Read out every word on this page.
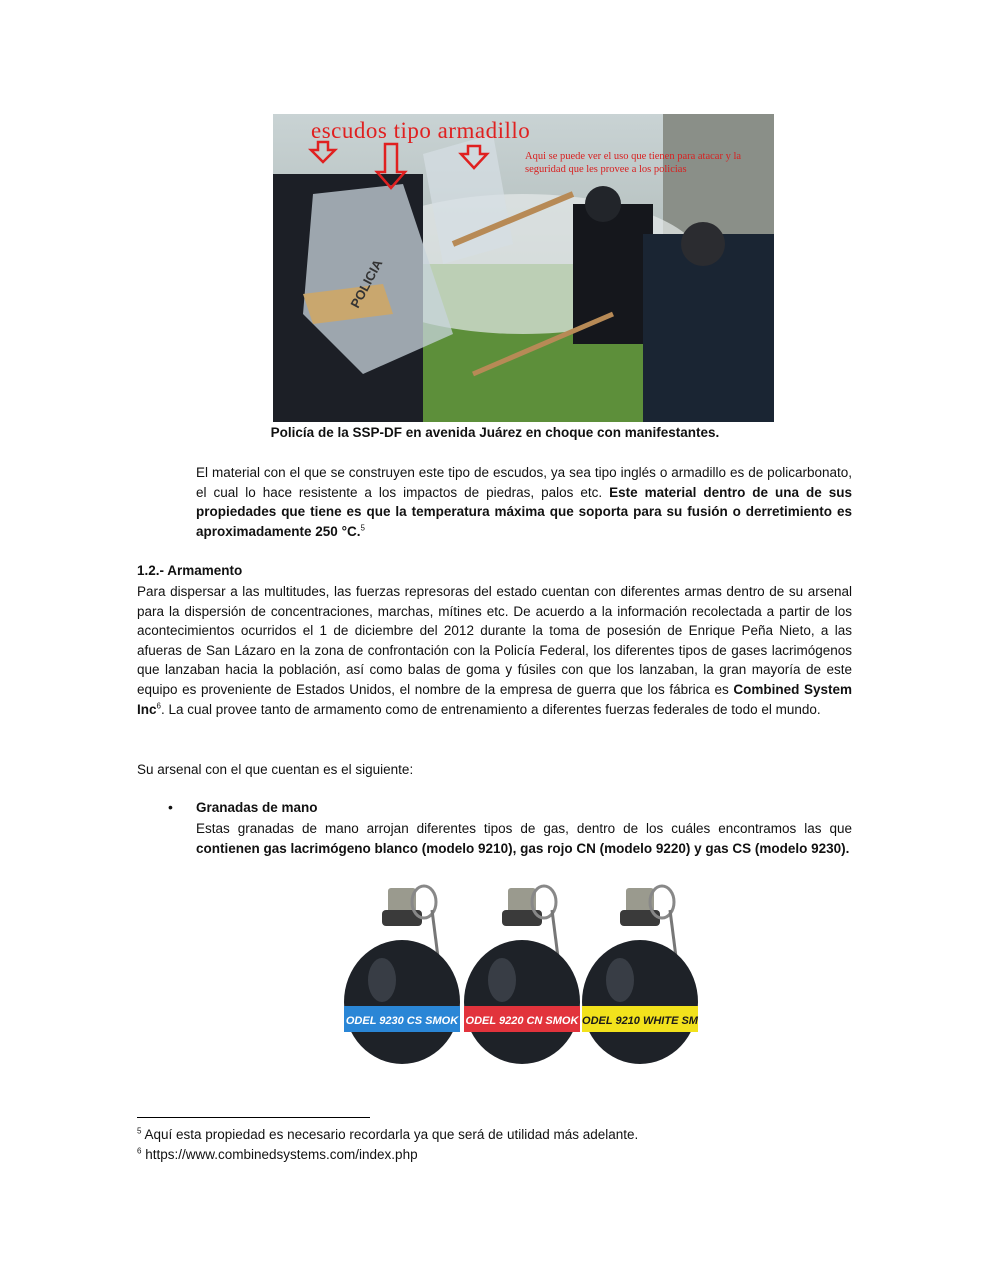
POLICIA
escudos tipo armadillo
Aqui se puede ver el uso que tienen para atacar y la seguridad que les provee a los policias
Policía de la SSP-DF en avenida Juárez en choque con manifestantes.
El material con el que se construyen este tipo de escudos, ya sea tipo inglés o armadillo es de policarbonato, el cual lo hace resistente a los impactos de piedras, palos etc. Este material dentro de una de sus propiedades que tiene es que la temperatura máxima que soporta para su fusión o derretimiento es aproximadamente 250 °C.$^5$
1.2.- Armamento
Para dispersar a las multitudes, las fuerzas represoras del estado cuentan con diferentes armas dentro de su arsenal para la dispersión de concentraciones, marchas, mítines etc. De acuerdo a la información recolectada a partir de los acontecimientos ocurridos el 1 de diciembre del 2012 durante la toma de posesión de Enrique Peña Nieto, a las afueras de San Lázaro en la zona de confrontación con la Policía Federal, los diferentes tipos de gases lacrimógenos que lanzaban hacia la población, así como balas de goma y fúsiles con que los lanzaban, la gran mayoría de este equipo es proveniente de Estados Unidos, el nombre de la empresa de guerra que los fábrica es Combined System Inc$^6$. La cual provee tanto de armamento como de entrenamiento a diferentes fuerzas federales de todo el mundo.
Su arsenal con el que cuentan es el siguiente:
• Granadas de mano
Estas granadas de mano arrojan diferentes tipos de gas, dentro de los cuáles encontramos las que contienen gas lacrimógeno blanco (modelo 9210), gas rojo CN (modelo 9220) y gas CS (modelo 9230).
ODEL 9230 CS SMOK ODEL 9220 CN SMOK ODEL 9210 WHITE SM
$^5$ Aquí esta propiedad es necesario recordarla ya que será de utilidad más adelante.
$^6$ https://www.combinedsystems.com/index.php
